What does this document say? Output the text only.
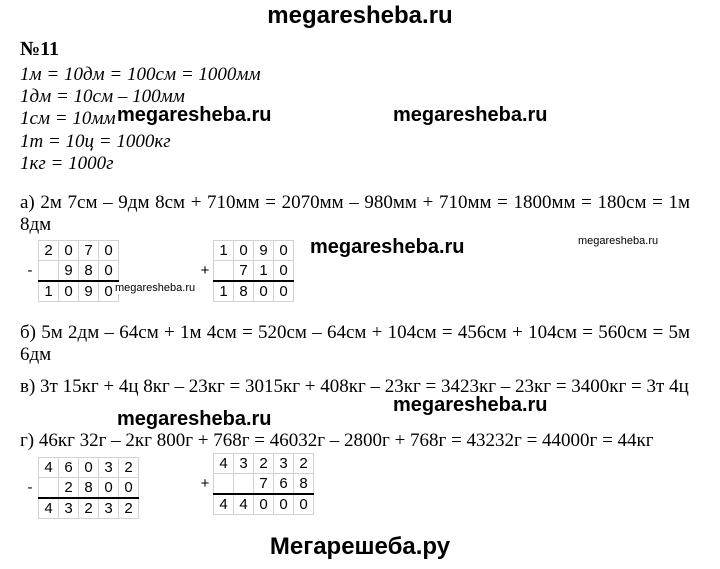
megaresheba.ru
№11
1м = 10дм = 100см = 1000мм
1дм = 10см – 100мм
1см = 10мм
1т = 10ц = 1000кг
1кг = 1000г
megaresheba.ru	megaresheba.ru
а) 2м 7см – 9дм 8см + 710мм = 2070мм – 980мм + 710мм = 1800мм = 180см = 1м 8дм
	2	0	7	0
-		9	8	0
	1	0	9	0
	1	0	9	0
+		7	1	0
	1	8	0	0
megaresheba.ru	megaresheba.ru
megaresheba.ru
б) 5м 2дм – 64см + 1м 4см = 520см – 64см + 104см = 456см + 104см = 560см = 5м 6дм
в) 3т 15кг + 4ц 8кг – 23кг = 3015кг + 408кг – 23кг = 3423кг – 23кг = 3400кг = 3т 4ц
megaresheba.ru
megaresheba.ru
г) 46кг 32г – 2кг 800г + 768г = 46032г – 2800г + 768г = 43232г = 44000г = 44кг
	4	6	0	3	2
-		2	8	0	0
	4	3	2	3	2
	4	3	2	3	2
+			7	6	8
	4	4	0	0	0
Мегарешеба.ру
